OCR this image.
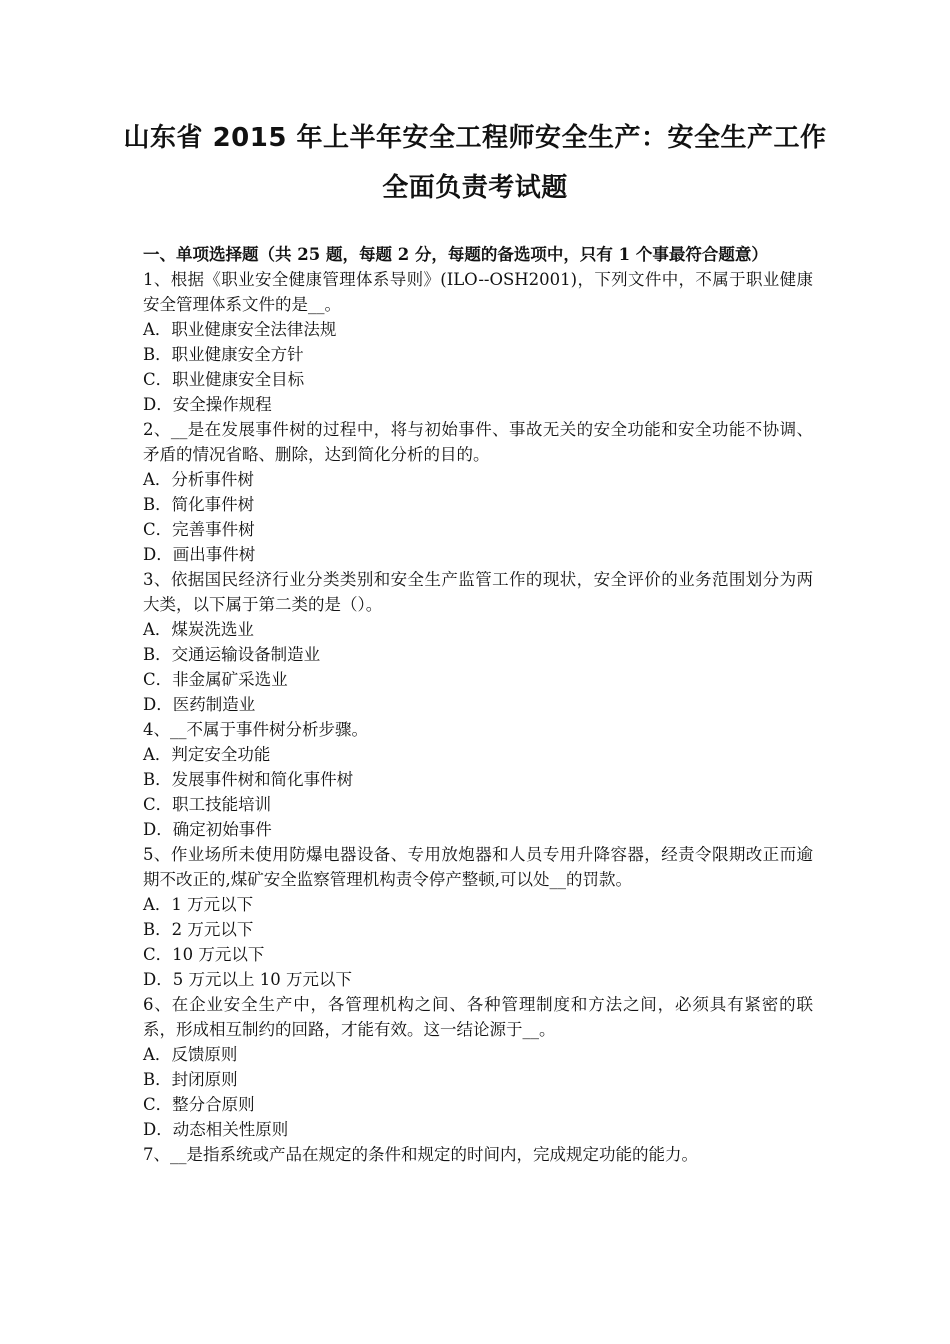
山东省 2015 年上半年安全工程师安全生产：安全生产工作
全面负责考试题

一、单项选择题（共 25 题，每题 2 分，每题的备选项中，只有 1 个事最符合题意）

1、根据《职业安全健康管理体系导则》(ILO--OSH2001)，下列文件中，不属于职业健康安全管理体系文件的是__。

A．职业健康安全法律法规

B．职业健康安全方针

C．职业健康安全目标

D．安全操作规程

2、__是在发展事件树的过程中，将与初始事件、事故无关的安全功能和安全功能不协调、矛盾的情况省略、删除，达到简化分析的目的。

A．分析事件树

B．简化事件树

C．完善事件树

D．画出事件树

3、依据国民经济行业分类类别和安全生产监管工作的现状，安全评价的业务范围划分为两大类，以下属于第二类的是（）。

A．煤炭洗选业

B．交通运输设备制造业

C．非金属矿采选业

D．医药制造业

4、__不属于事件树分析步骤。

A．判定安全功能

B．发展事件树和简化事件树

C．职工技能培训

D．确定初始事件

5、作业场所未使用防爆电器设备、专用放炮器和人员专用升降容器，经责令限期改正而逾期不改正的,煤矿安全监察管理机构责令停产整顿,可以处__的罚款。

A．1 万元以下

B．2 万元以下

C．10 万元以下

D．5 万元以上 10 万元以下

6、在企业安全生产中，各管理机构之间、各种管理制度和方法之间，必须具有紧密的联系，形成相互制约的回路，才能有效。这一结论源于__。

A．反馈原则

B．封闭原则

C．整分合原则

D．动态相关性原则

7、__是指系统或产品在规定的条件和规定的时间内，完成规定功能的能力。
